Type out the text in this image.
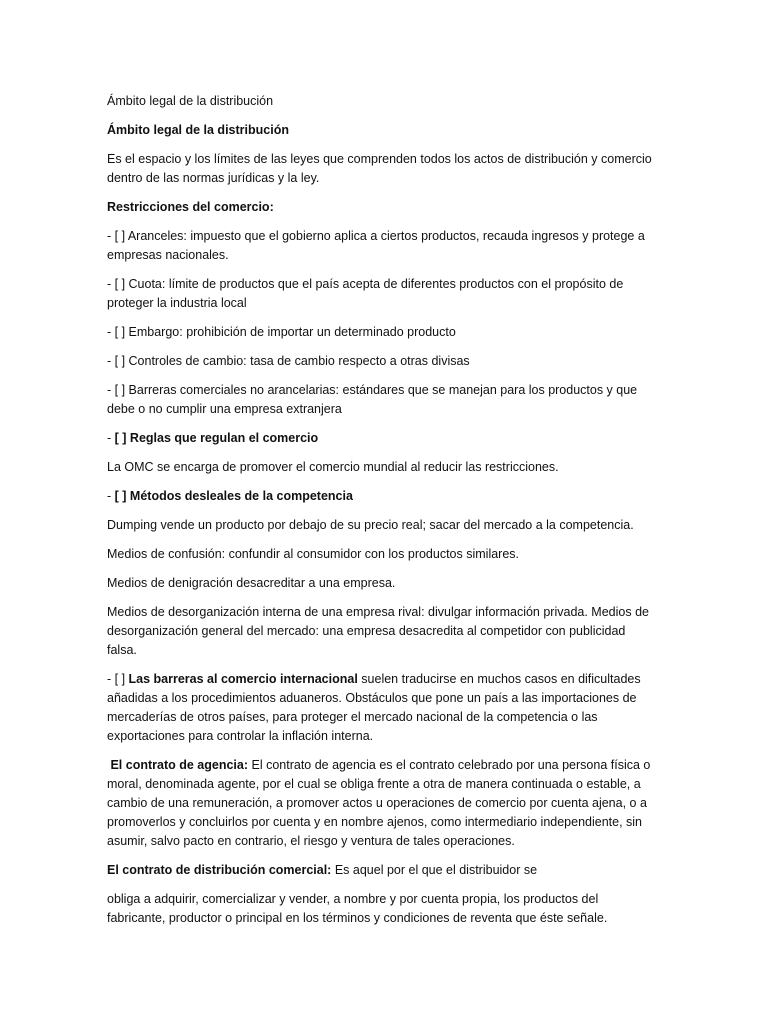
Ámbito legal de la distribución

Ámbito legal de la distribución

Es el espacio y los límites de las leyes que comprenden todos los actos de distribución y comercio
dentro de las normas jurídicas y la ley.

Restricciones del comercio:

- [ ] Aranceles: impuesto que el gobierno aplica a ciertos productos, recauda ingresos y protege a
empresas nacionales.

- [ ] Cuota: límite de productos que el país acepta de diferentes productos con el propósito de
proteger la industria local

- [ ] Embargo: prohibición de importar un determinado producto

- [ ] Controles de cambio: tasa de cambio respecto a otras divisas

- [ ] Barreras comerciales no arancelarias: estándares que se manejan para los productos y que
debe o no cumplir una empresa extranjera

- [ ] Reglas que regulan el comercio

La OMC se encarga de promover el comercio mundial al reducir las restricciones.

- [ ] Métodos desleales de la competencia

Dumping vende un producto por debajo de su precio real; sacar del mercado a la competencia.

Medios de confusión: confundir al consumidor con los productos similares.

Medios de denigración desacreditar a una empresa.

Medios de desorganización interna de una empresa rival: divulgar información privada. Medios de
desorganización general del mercado: una empresa desacredita al competidor con publicidad
falsa.

- [ ] Las barreras al comercio internacional suelen traducirse en muchos casos en dificultades
añadidas a los procedimientos aduaneros. Obstáculos que pone un país a las importaciones de
mercaderías de otros países, para proteger el mercado nacional de la competencia o las
exportaciones para controlar la inflación interna.

El contrato de agencia: El contrato de agencia es el contrato celebrado por una persona física o
moral, denominada agente, por el cual se obliga frente a otra de manera continuada o estable, a
cambio de una remuneración, a promover actos u operaciones de comercio por cuenta ajena, o a
promoverlos y concluirlos por cuenta y en nombre ajenos, como intermediario independiente, sin
asumir, salvo pacto en contrario, el riesgo y ventura de tales operaciones.

El contrato de distribución comercial: Es aquel por el que el distribuidor se

obliga a adquirir, comercializar y vender, a nombre y por cuenta propia, los productos del
fabricante, productor o principal en los términos y condiciones de reventa que éste señale.
